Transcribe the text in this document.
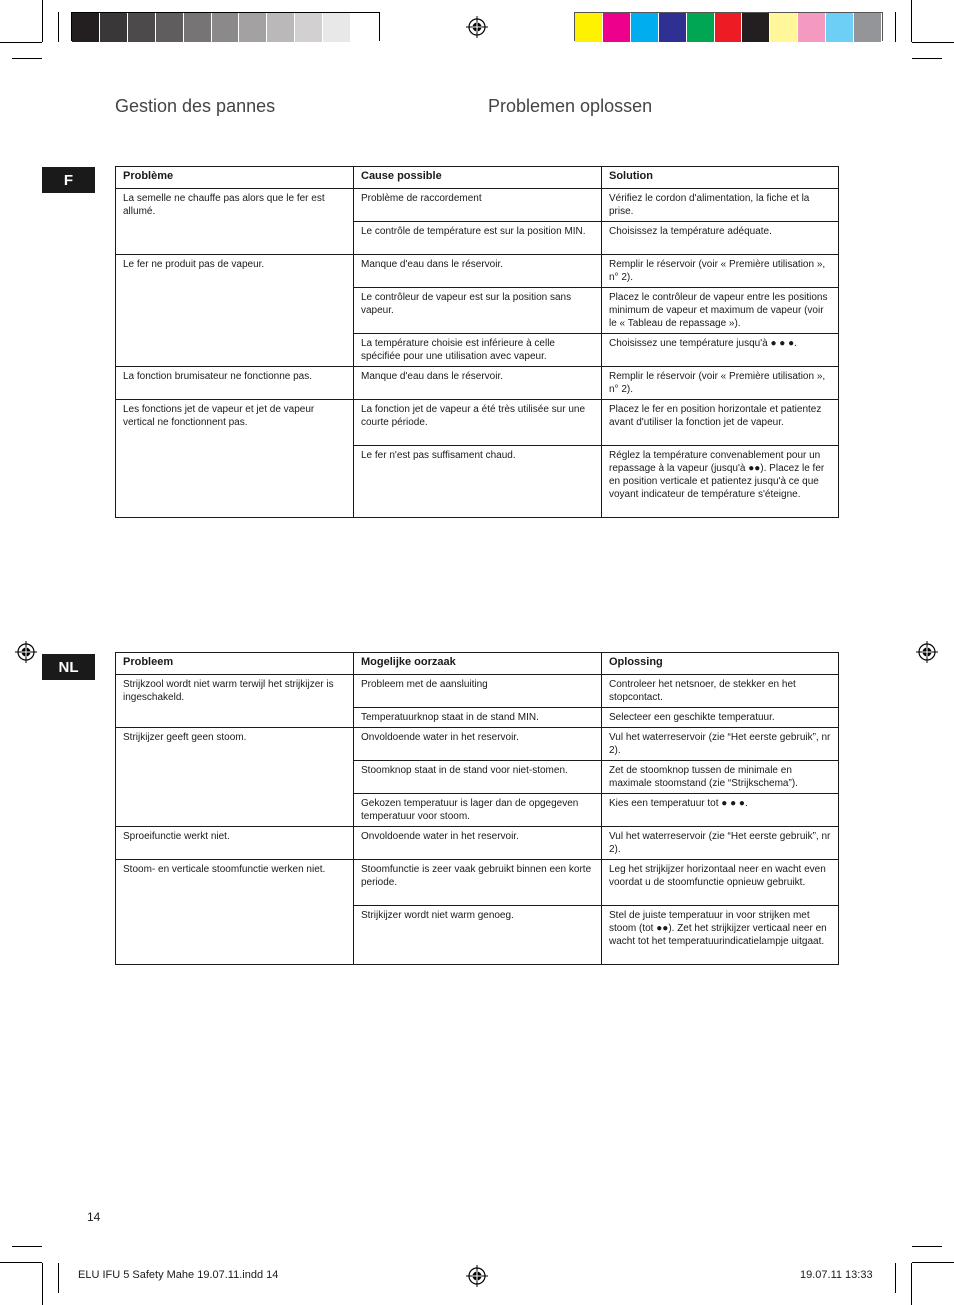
Gestion des pannes	Problemen oplossen
F
NL
Problème	Cause possible	Solution
La semelle ne chauffe pas alors que le fer est allumé.	Problème de raccordement	Vérifiez le cordon d'alimentation, la fiche et la prise.
	Le contrôle de température est sur la position MIN.	Choisissez la température adéquate.
Le fer ne produit pas de vapeur.	Manque d'eau dans le réservoir.	Remplir le réservoir (voir « Première utilisation », n° 2).
	Le contrôleur de vapeur est sur la position sans vapeur.	Placez le contrôleur de vapeur entre les positions minimum de vapeur et maximum de vapeur (voir le « Tableau de repassage »).
	La température choisie est inférieure à celle spécifiée pour une utilisation avec vapeur.	Choisissez une température jusqu'à ● ● ●.
La fonction brumisateur ne fonctionne pas.	Manque d'eau dans le réservoir.	Remplir le réservoir (voir « Première utilisation », n° 2).
Les fonctions jet de vapeur et jet de vapeur vertical ne fonctionnent pas.	La fonction jet de vapeur a été très utilisée sur une courte période.	Placez le fer en position horizontale et patientez avant d'utiliser la fonction jet de vapeur.
	Le fer n'est pas suffisament chaud.	Réglez la température convenablement pour un repassage à la vapeur (jusqu'à ●●). Placez le fer en position verticale et patientez jusqu'à ce que voyant indicateur de température s'éteigne.
Probleem	Mogelijke oorzaak	Oplossing
Strijkzool wordt niet warm terwijl het strijkijzer is ingeschakeld.	Probleem met de aansluiting	Controleer het netsnoer, de stekker en het stopcontact.
	Temperatuurknop staat in de stand MIN.	Selecteer een geschikte temperatuur.
Strijkijzer geeft geen stoom.	Onvoldoende water in het reservoir.	Vul het waterreservoir (zie “Het eerste gebruik”, nr 2).
	Stoomknop staat in de stand voor niet-stomen.	Zet de stoomknop tussen de minimale en maximale stoomstand (zie “Strijkschema”).
	Gekozen temperatuur is lager dan de opgegeven temperatuur voor stoom.	Kies een temperatuur tot ● ● ●.
Sproeifunctie werkt niet.	Onvoldoende water in het reservoir.	Vul het waterreservoir (zie “Het eerste gebruik”, nr 2).
Stoom- en verticale stoomfunctie werken niet.	Stoomfunctie is zeer vaak gebruikt binnen een korte periode.	Leg het strijkijzer horizontaal neer en wacht even voordat u de stoomfunctie opnieuw gebruikt.
	Strijkijzer wordt niet warm genoeg.	Stel de juiste temperatuur in voor strijken met stoom (tot ●●). Zet het strijkijzer verticaal neer en wacht tot het temperatuurindicatielampje uitgaat.
14
ELU IFU 5 Safety Mahe 19.07.11.indd 14	19.07.11 13:33
